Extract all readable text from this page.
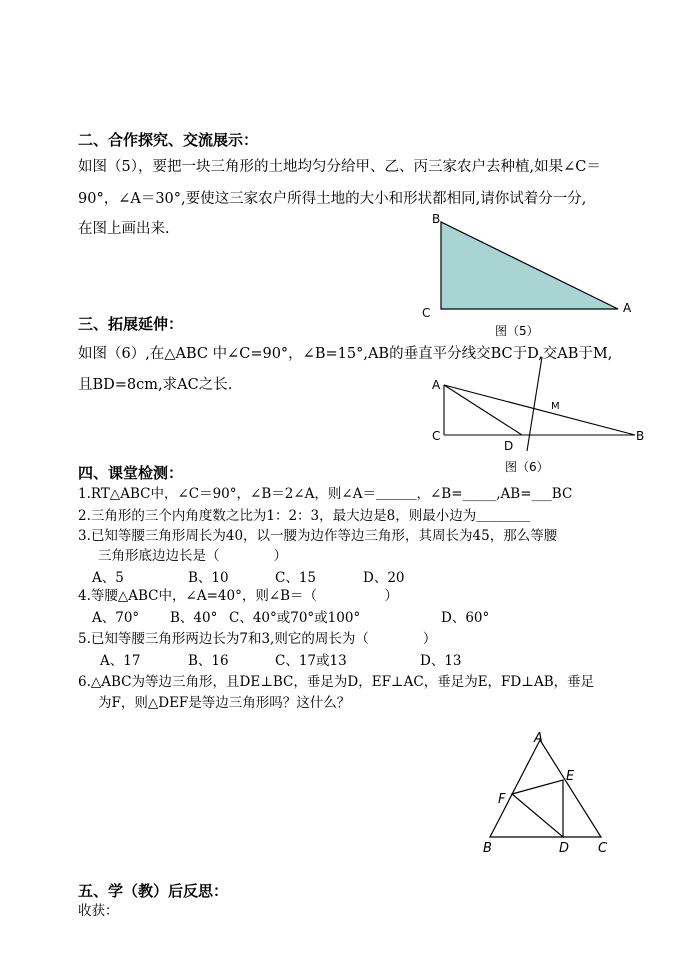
二、合作探究、交流展示：
如图（5），要把一块三角形的土地均匀分给甲、乙、丙三家农户去种植,如果∠C＝
90°，∠A＝30°,要使这三家农户所得土地的大小和形状都相同,请你试着分一分,
在图上画出来.
B
C	A
图（5）
三、拓展延伸：
如图（6）,在△ABC 中∠C=90°，∠B=15°,AB的垂直平分线交BC于D,交AB于M,
且BD=8cm,求AC之长.	A
C
D
B
M
图（6）
四、课堂检测：
1.RT△ABC中，∠C＝90°，∠B＝2∠A，则∠A＝＿＿＿，∠B=_____,AB=___BC
2.三角形的三个内角度数之比为1：2：3，最大边是8，则最小边为＿＿＿＿
3.已知等腰三角形周长为40，以一腰为边作等边三角形，其周长为45，那么等腰
三角形底边边长是（　　　　）
A、5	B、10	C、15	D、20
4.等腰△ABC中，∠A=40°，则∠B＝（　　　　　）
A、70° B、40° C、40°或70°或100°	D、60°
5.已知等腰三角形两边长为7和3,则它的周长为（　　　　）
A、17	B、16	C、17或13	D、13
6.△ABC为等边三角形，且DE⊥BC，垂足为D，EF⊥AC，垂足为E，FD⊥AB，垂足
为F，则△DEF是等边三角形吗？这什么？
A
E
F
B	D C
五、学（教）后反思：
收获：
